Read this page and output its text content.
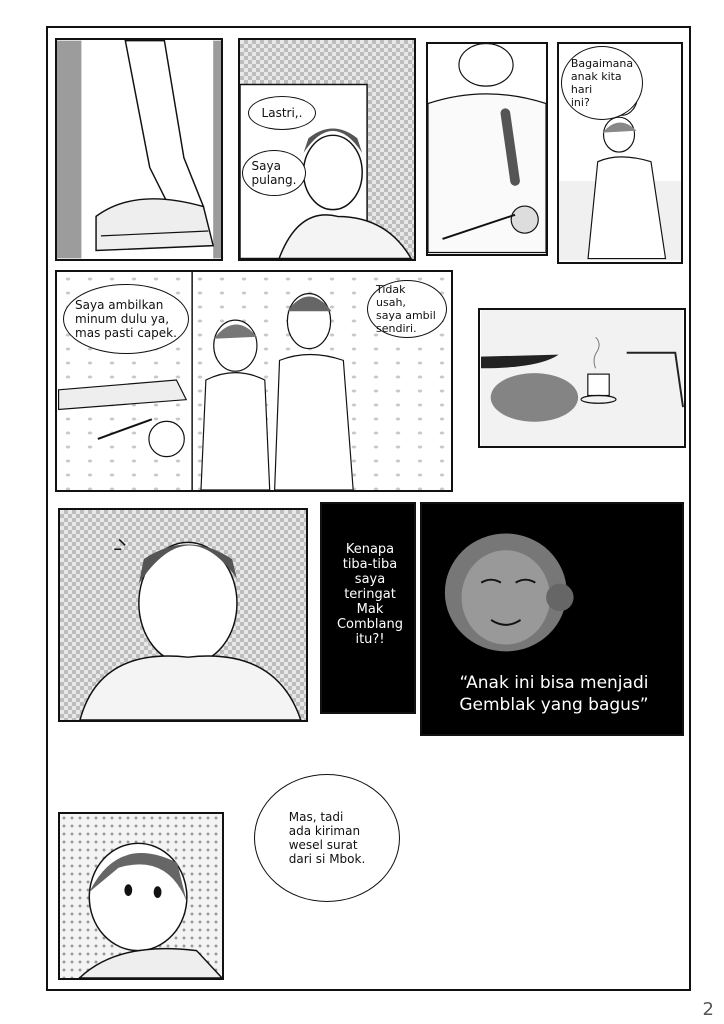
Lastri,.
Saya
pulang.
Bagaimana
anak kita
hari
ini?
Saya ambilkan
minum dulu ya,
mas pasti capek.
Tidak usah,
saya ambil
sendiri.
Kenapa
tiba-tiba
saya
teringat
Mak
Comblang
itu?!
“Anak ini bisa menjadi
Gemblak yang bagus”
Mas, tadi
ada kiriman
wesel surat
dari si Mbok.
2
